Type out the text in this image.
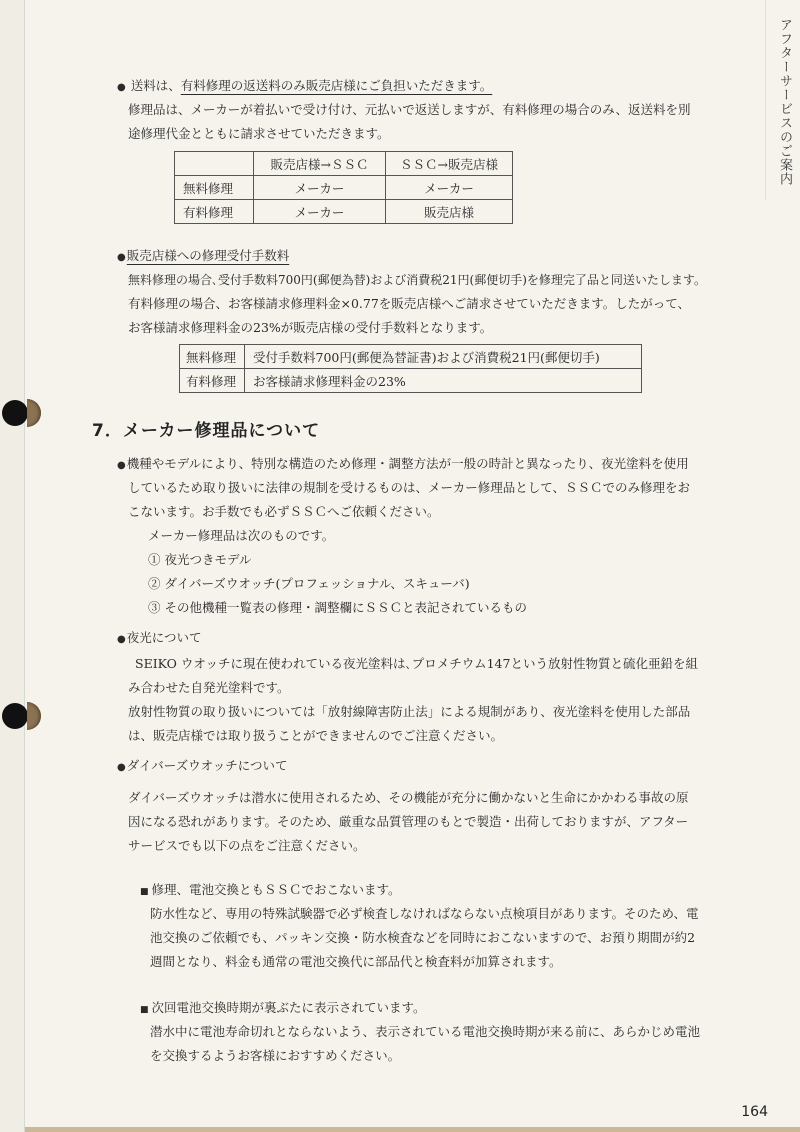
アフターサービスのご案内
164
● 送料は、有料修理の返送料のみ販売店様にご負担いただきます。
修理品は、メーカーが着払いで受け付け、元払いで返送しますが、有料修理の場合のみ、返送料を別
途修理代金とともに請求させていただきます。
	販売店様→ＳＳＣ	ＳＳＣ→販売店様
無料修理	メーカー	メーカー
有料修理	メーカー	販売店様
● 販売店様への修理受付手数料
無料修理の場合､受付手数料700円(郵便為替)および消費税21円(郵便切手)を修理完了品と同送いたします。
有料修理の場合、お客様請求修理料金×0.77を販売店様へご請求させていただきます。したがって、
お客様請求修理料金の23%が販売店様の受付手数料となります。
無料修理	受付手数料700円(郵便為替証書)および消費税21円(郵便切手)
有料修理	お客様請求修理料金の23%
7．メーカー修理品について
● 機種やモデルにより、特別な構造のため修理・調整方法が一般の時計と異なったり、夜光塗料を使用
しているため取り扱いに法律の規制を受けるものは、メーカー修理品として、ＳＳＣでのみ修理をお
こないます。お手数でも必ずＳＳＣへご依頼ください。
メーカー修理品は次のものです。
① 夜光つきモデル
② ダイバーズウオッチ(プロフェッショナル、スキューバ)
③ その他機種一覧表の修理・調整欄にＳＳＣと表記されているもの
● 夜光について
SEIKO ウオッチに現在使われている夜光塗料は､プロメチウム147という放射性物質と硫化亜鉛を組
み合わせた自発光塗料です。
放射性物質の取り扱いについては「放射線障害防止法」による規制があり、夜光塗料を使用した部品
は、販売店様では取り扱うことができませんのでご注意ください。
● ダイバーズウオッチについて
ダイバーズウオッチは潜水に使用されるため、その機能が充分に働かないと生命にかかわる事故の原
因になる恐れがあります。そのため、厳重な品質管理のもとで製造・出荷しておりますが、アフター
サービスでも以下の点をご注意ください。
■ 修理、電池交換ともＳＳＣでおこないます。
防水性など、専用の特殊試験器で必ず検査しなければならない点検項目があります。そのため、電
池交換のご依頼でも、パッキン交換・防水検査などを同時におこないますので、お預り期間が約2
週間となり、料金も通常の電池交換代に部品代と検査料が加算されます。
■ 次回電池交換時期が裏ぶたに表示されています。
潜水中に電池寿命切れとならないよう、表示されている電池交換時期が来る前に、あらかじめ電池
を交換するようお客様におすすめください。
